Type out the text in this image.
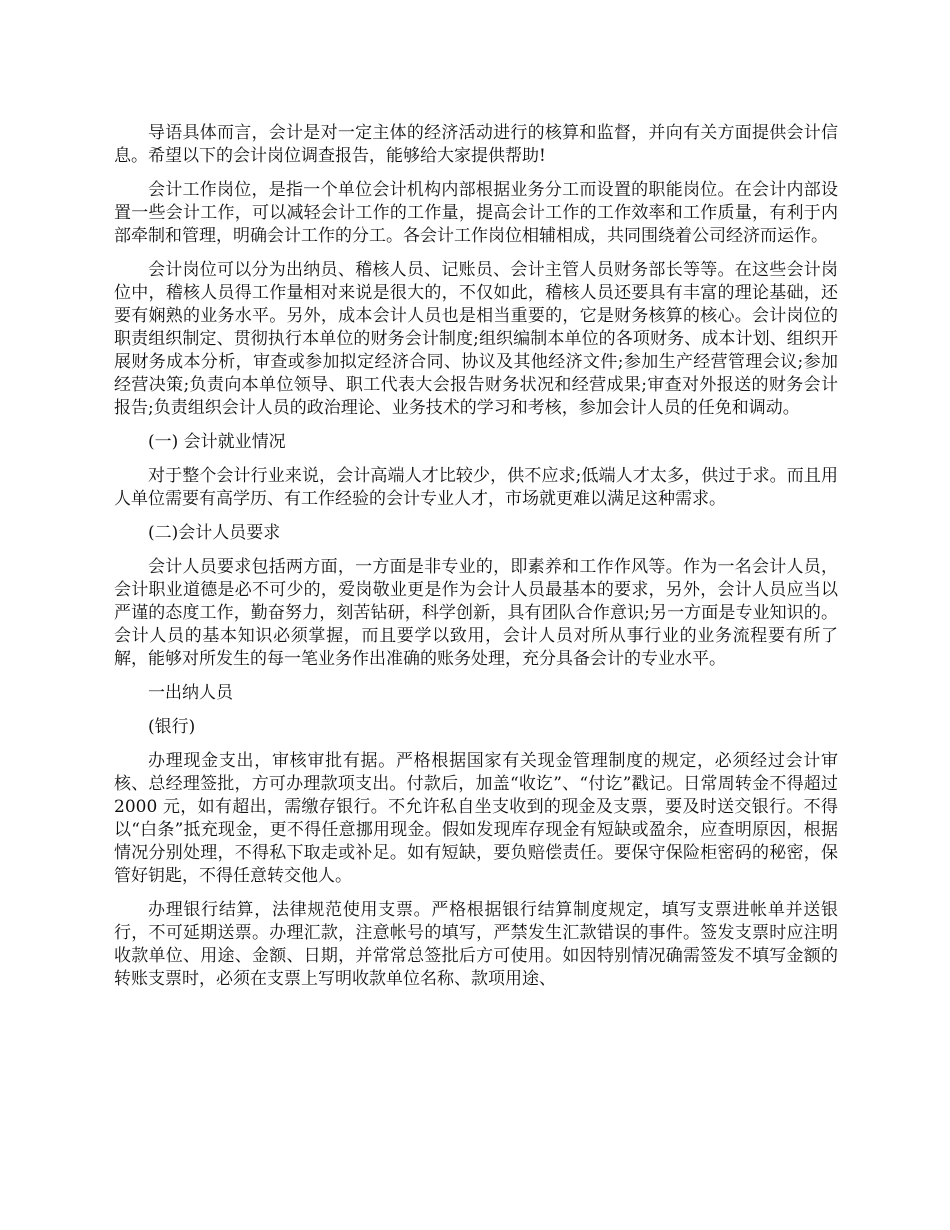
导语具体而言，会计是对一定主体的经济活动进行的核算和监督，并向有关方面提供会计信息。希望以下的会计岗位调查报告，能够给大家提供帮助!

会计工作岗位，是指一个单位会计机构内部根据业务分工而设置的职能岗位。在会计内部设置一些会计工作，可以减轻会计工作的工作量，提高会计工作的工作效率和工作质量，有利于内部牵制和管理，明确会计工作的分工。各会计工作岗位相辅相成，共同围绕着公司经济而运作。

会计岗位可以分为出纳员、稽核人员、记账员、会计主管人员财务部长等等。在这些会计岗位中，稽核人员得工作量相对来说是很大的，不仅如此，稽核人员还要具有丰富的理论基础，还要有娴熟的业务水平。另外，成本会计人员也是相当重要的，它是财务核算的核心。会计岗位的职责组织制定、贯彻执行本单位的财务会计制度;组织编制本单位的各项财务、成本计划、组织开展财务成本分析，审查或参加拟定经济合同、协议及其他经济文件;参加生产经营管理会议;参加经营决策;负责向本单位领导、职工代表大会报告财务状况和经营成果;审查对外报送的财务会计报告;负责组织会计人员的政治理论、业务技术的学习和考核，参加会计人员的任免和调动。

(一) 会计就业情况

对于整个会计行业来说，会计高端人才比较少，供不应求;低端人才太多，供过于求。而且用人单位需要有高学历、有工作经验的会计专业人才，市场就更难以满足这种需求。

(二)会计人员要求

会计人员要求包括两方面，一方面是非专业的，即素养和工作作风等。作为一名会计人员，会计职业道德是必不可少的，爱岗敬业更是作为会计人员最基本的要求，另外，会计人员应当以严谨的态度工作，勤奋努力，刻苦钻研，科学创新，具有团队合作意识;另一方面是专业知识的。会计人员的基本知识必须掌握，而且要学以致用，会计人员对所从事行业的业务流程要有所了解，能够对所发生的每一笔业务作出准确的账务处理，充分具备会计的专业水平。

一出纳人员

(银行)

办理现金支出，审核审批有据。严格根据国家有关现金管理制度的规定，必须经过会计审核、总经理签批，方可办理款项支出。付款后，加盖“收讫”、“付讫”戳记。日常周转金不得超过 2000 元，如有超出，需缴存银行。不允许私自坐支收到的现金及支票，要及时送交银行。不得以“白条”抵充现金，更不得任意挪用现金。假如发现库存现金有短缺或盈余，应查明原因，根据情况分别处理，不得私下取走或补足。如有短缺，要负赔偿责任。要保守保险柜密码的秘密，保管好钥匙，不得任意转交他人。

办理银行结算，法律规范使用支票。严格根据银行结算制度规定，填写支票进帐单并送银行，不可延期送票。办理汇款，注意帐号的填写，严禁发生汇款错误的事件。签发支票时应注明收款单位、用途、金额、日期，并常常总签批后方可使用。如因特别情况确需签发不填写金额的转账支票时，必须在支票上写明收款单位名称、款项用途、
